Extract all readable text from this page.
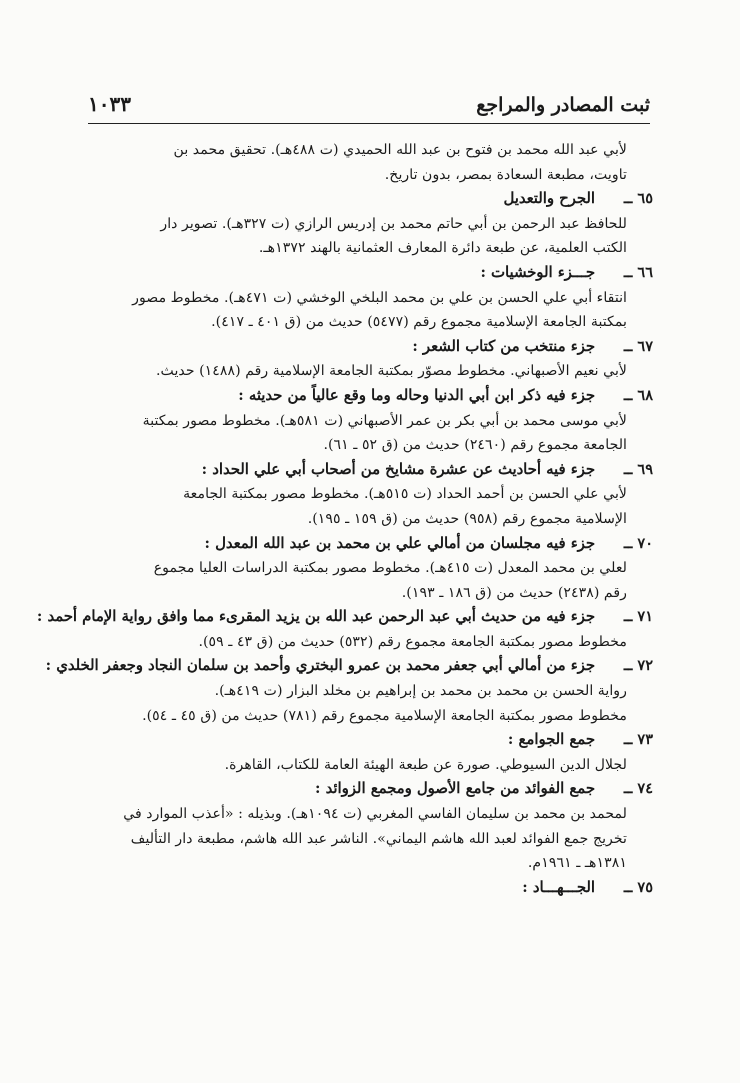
ثبت المصادر والمراجع
١٠٣٣
لأبي عبد الله محمد بن فتوح بن عبد الله الحميدي (ت ٤٨٨هـ). تحقيق محمد بن
تاويت، مطبعة السعادة بمصر، بدون تاريخ.
٦٥ ــ
الجرح والتعديل
للحافظ عبد الرحمن بن أبي حاتم محمد بن إدريس الرازي (ت ٣٢٧هـ). تصوير دار
الكتب العلمية، عن طبعة دائرة المعارف العثمانية بالهند ١٣٧٢هـ.
٦٦ ــ
جـــزء الوخشيات :
انتقاء أبي علي الحسن بن علي بن محمد البلخي الوخشي (ت ٤٧١هـ). مخطوط مصور
بمكتبة الجامعة الإسلامية مجموع رقم (٥٤٧٧) حديث من (ق ٤٠١ ـ ٤١٧).
٦٧ ــ
جزء منتخب من كتاب الشعر :
لأبي نعيم الأصبهاني. مخطوط مصوّر بمكتبة الجامعة الإسلامية رقم (١٤٨٨) حديث.
٦٨ ــ
جزء فيه ذكر ابن أبي الدنيا وحاله وما وقع عالياً من حديثه :
لأبي موسى محمد بن أبي بكر بن عمر الأصبهاني (ت ٥٨١هـ). مخطوط مصور بمكتبة
الجامعة مجموع رقم (٢٤٦٠) حديث من (ق ٥٢ ـ ٦١).
٦٩ ــ
جزء فيه أحاديث عن عشرة مشايخ من أصحاب أبي علي الحداد :
لأبي علي الحسن بن أحمد الحداد (ت ٥١٥هـ). مخطوط مصور بمكتبة الجامعة
الإسلامية مجموع رقم (٩٥٨) حديث من (ق ١٥٩ ـ ١٩٥).
٧٠ ــ
جزء فيه مجلسان من أمالي علي بن محمد بن عبد الله المعدل :
لعلي بن محمد المعدل (ت ٤١٥هـ). مخطوط مصور بمكتبة الدراسات العليا مجموع
رقم (٢٤٣٨) حديث من (ق ١٨٦ ـ ١٩٣).
٧١ ــ
جزء فيه من حديث أبي عبد الرحمن عبد الله بن يزيد المقرىء مما وافق رواية الإمام أحمد :
مخطوط مصور بمكتبة الجامعة مجموع رقم (٥٣٢) حديث من (ق ٤٣ ـ ٥٩).
٧٢ ــ
جزء من أمالي أبي جعفر محمد بن عمرو البختري وأحمد بن سلمان النجاد وجعفر الخلدي :
رواية الحسن بن محمد بن محمد بن إبراهيم بن مخلد البزار (ت ٤١٩هـ).
مخطوط مصور بمكتبة الجامعة الإسلامية مجموع رقم (٧٨١) حديث من (ق ٤٥ ـ ٥٤).
٧٣ ــ
جمع الجوامع :
لجلال الدين السيوطي. صورة عن طبعة الهيئة العامة للكتاب، القاهرة.
٧٤ ــ
جمع الفوائد من جامع الأصول ومجمع الزوائد :
لمحمد بن محمد بن سليمان الفاسي المغربي (ت ١٠٩٤هـ). وبذيله : «أعذب الموارد في
تخريج جمع الفوائد لعبد الله هاشم اليماني». الناشر عبد الله هاشم، مطبعة دار التأليف
١٣٨١هـ ـ ١٩٦١م.
٧٥ ــ
الجـــهـــاد :
